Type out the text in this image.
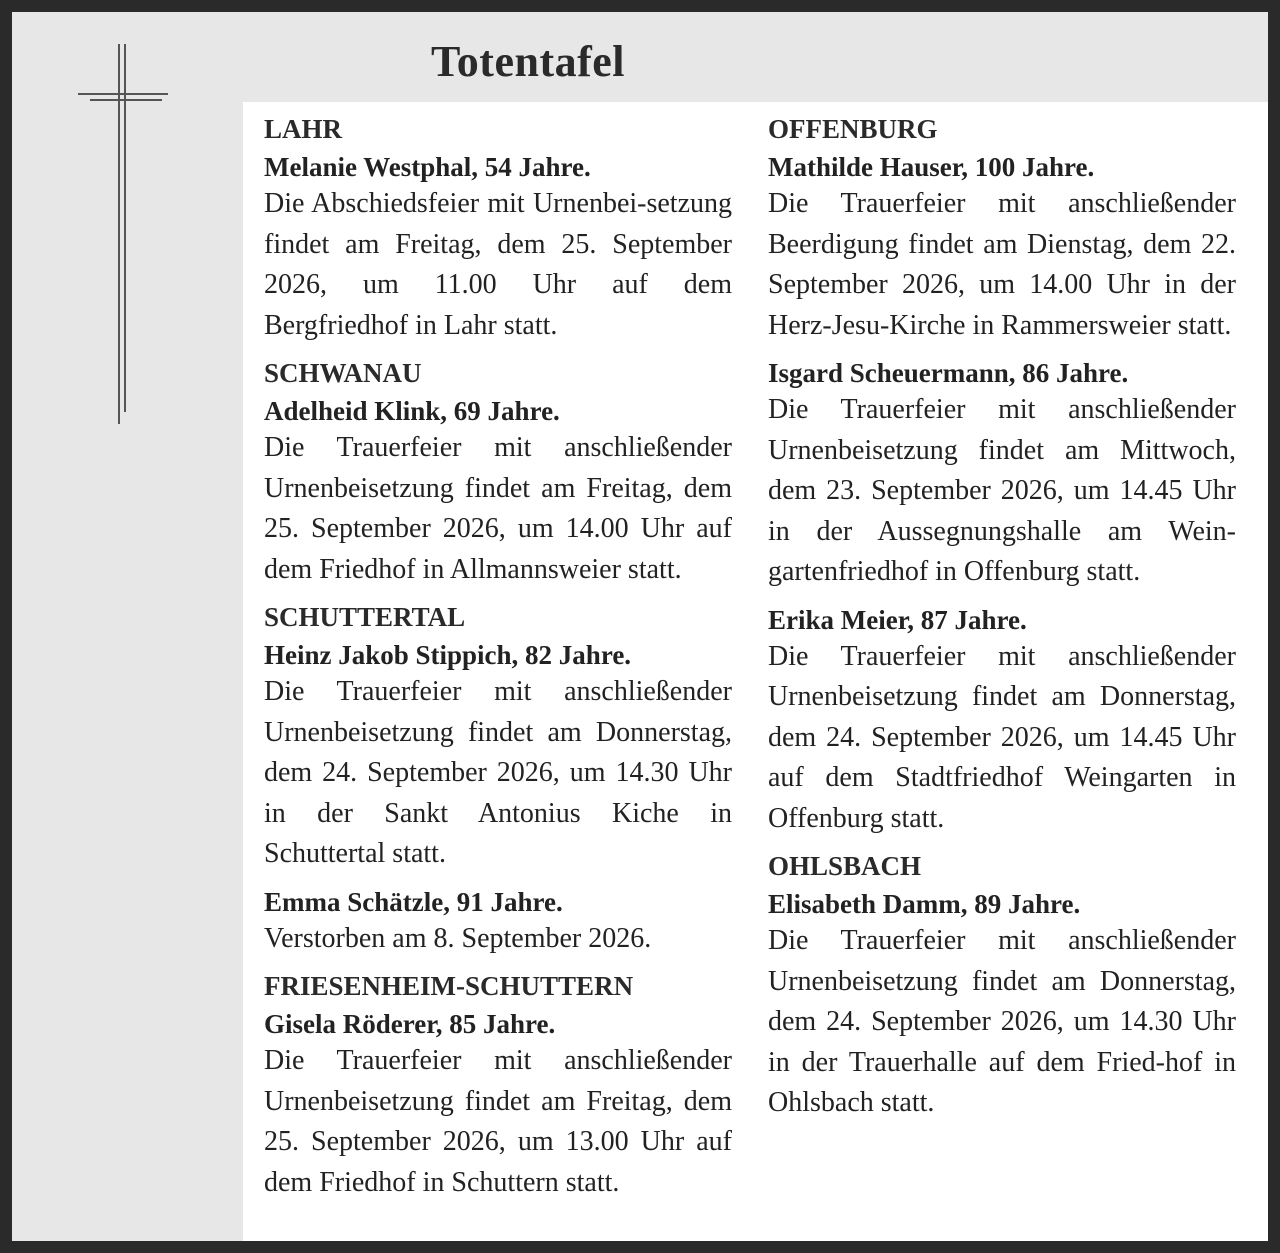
Totentafel
LAHR
Melanie Westphal, 54 Jahre.
Die Abschiedsfeier mit Urnenbei-setzung findet am Freitag, dem 25. September 2026, um 11.00 Uhr auf dem Bergfriedhof in Lahr statt.
SCHWANAU
Adelheid Klink, 69 Jahre.
Die Trauerfeier mit anschließender Urnenbeisetzung findet am Freitag, dem 25. September 2026, um 14.00 Uhr auf dem Friedhof in Allmannsweier statt.
SCHUTTERTAL
Heinz Jakob Stippich, 82 Jahre.
Die Trauerfeier mit anschließender Urnenbeisetzung findet am Donnerstag, dem 24. September 2026, um 14.30 Uhr in der Sankt Antonius Kiche in Schuttertal statt.
Emma Schätzle, 91 Jahre.
Verstorben am 8. September 2026.
FRIESENHEIM-SCHUTTERN
Gisela Röderer, 85 Jahre.
Die Trauerfeier mit anschließender Urnenbeisetzung findet am Freitag, dem 25. September 2026, um 13.00 Uhr auf dem Friedhof in Schuttern statt.
OFFENBURG
Mathilde Hauser, 100 Jahre.
Die Trauerfeier mit anschließender Beerdigung findet am Dienstag, dem 22. September 2026, um 14.00 Uhr in der Herz-Jesu-Kirche in Rammersweier statt.
Isgard Scheuermann, 86 Jahre.
Die Trauerfeier mit anschließender Urnenbeisetzung findet am Mittwoch, dem 23. September 2026, um 14.45 Uhr in der Aussegnungshalle am Wein-gartenfriedhof in Offenburg statt.
Erika Meier, 87 Jahre.
Die Trauerfeier mit anschließender Urnenbeisetzung findet am Donnerstag, dem 24. September 2026, um 14.45 Uhr auf dem Stadtfriedhof Weingarten in Offenburg statt.
OHLSBACH
Elisabeth Damm, 89 Jahre.
Die Trauerfeier mit anschließender Urnenbeisetzung findet am Donnerstag, dem 24. September 2026, um 14.30 Uhr in der Trauerhalle auf dem Fried-hof in Ohlsbach statt.
